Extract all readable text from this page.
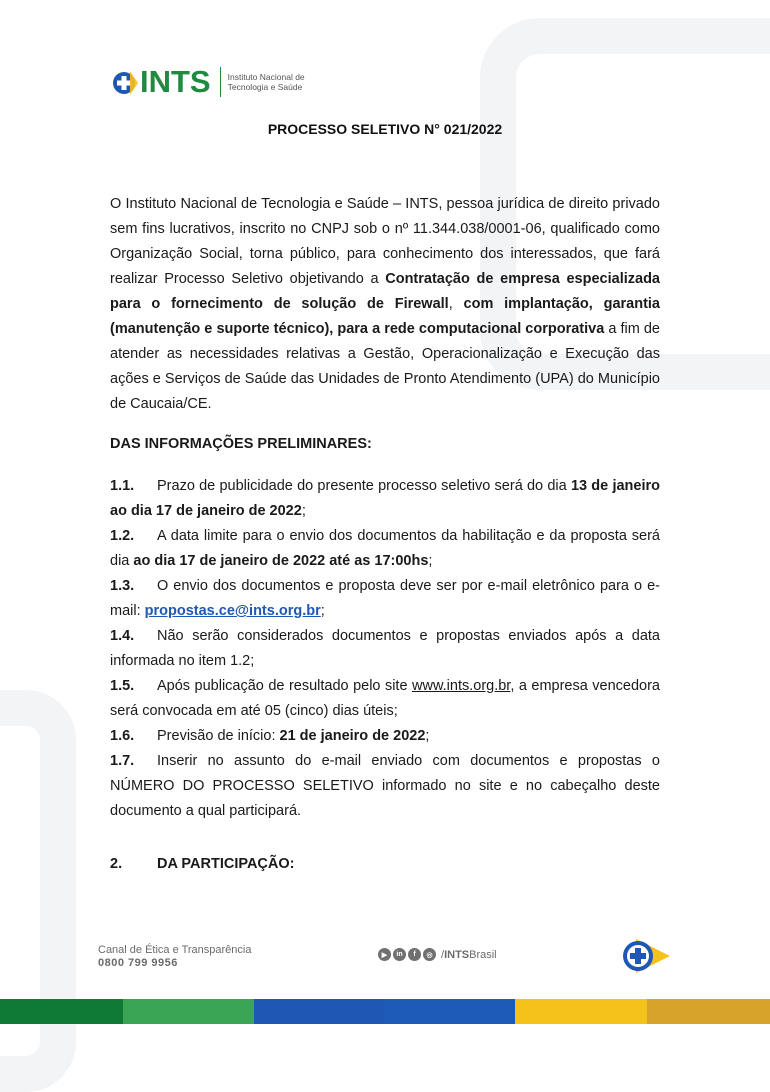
INTS Instituto Nacional de
Tecnologia e Saúde
PROCESSO SELETIVO N° 021/2022

O Instituto Nacional de Tecnologia e Saúde – INTS, pessoa jurídica de direito privado sem fins lucrativos, inscrito no CNPJ sob o nº 11.344.038/0001-06, qualificado como Organização Social, torna público, para conhecimento dos interessados, que fará realizar Processo Seletivo objetivando a Contratação de empresa especializada para o fornecimento de solução de Firewall, com implantação, garantia (manutenção e suporte técnico), para a rede computacional corporativa a fim de atender as necessidades relativas a Gestão, Operacionalização e Execução das ações e Serviços de Saúde das Unidades de Pronto Atendimento (UPA) do Município de Caucaia/CE.

DAS INFORMAÇÕES PRELIMINARES:

1.1. Prazo de publicidade do presente processo seletivo será do dia 13 de janeiro ao dia 17 de janeiro de 2022;

1.2. A data limite para o envio dos documentos da habilitação e da proposta será dia ao dia 17 de janeiro de 2022 até as 17:00hs;

1.3. O envio dos documentos e proposta deve ser por e-mail eletrônico para o e-mail: propostas.ce@ints.org.br;

1.4. Não serão considerados documentos e propostas enviados após a data informada no item 1.2;

1.5. Após publicação de resultado pelo site www.ints.org.br, a empresa vencedora será convocada em até 05 (cinco) dias úteis;

1.6. Previsão de início: 21 de janeiro de 2022;

1.7. Inserir no assunto do e-mail enviado com documentos e propostas o NÚMERO DO PROCESSO SELETIVO informado no site e no cabeçalho deste documento a qual participará.

2. DA PARTICIPAÇÃO:
Canal de Ética e Transparência
0800 799 9956
▶	in	f	◎ /INTSBrasil
